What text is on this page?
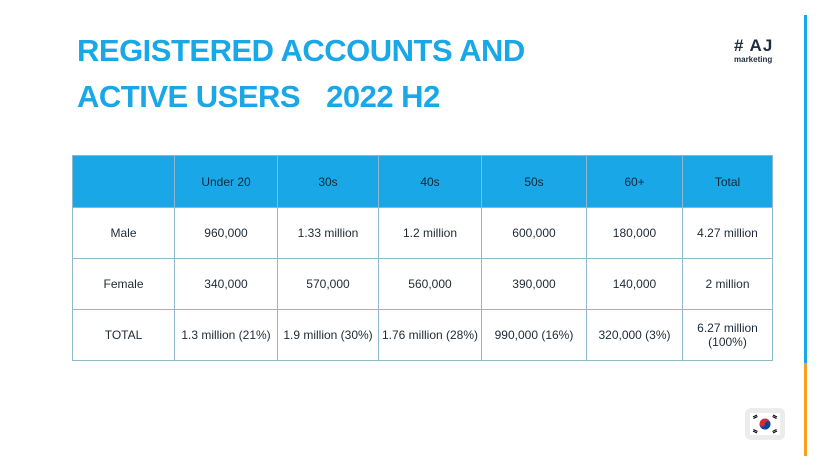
REGISTERED ACCOUNTS AND
ACTIVE USERS 2022 H2
# AJ
marketing
	Under 20	30s	40s	50s	60+	Total
Male	960,000	1.33 million	1.2 million	600,000	180,000	4.27 million
Female	340,000	570,000	560,000	390,000	140,000	2 million
TOTAL	1.3 million (21%)	1.9 million (30%)	1.76 million (28%)	990,000 (16%)	320,000 (3%)	6.27 million (100%)
